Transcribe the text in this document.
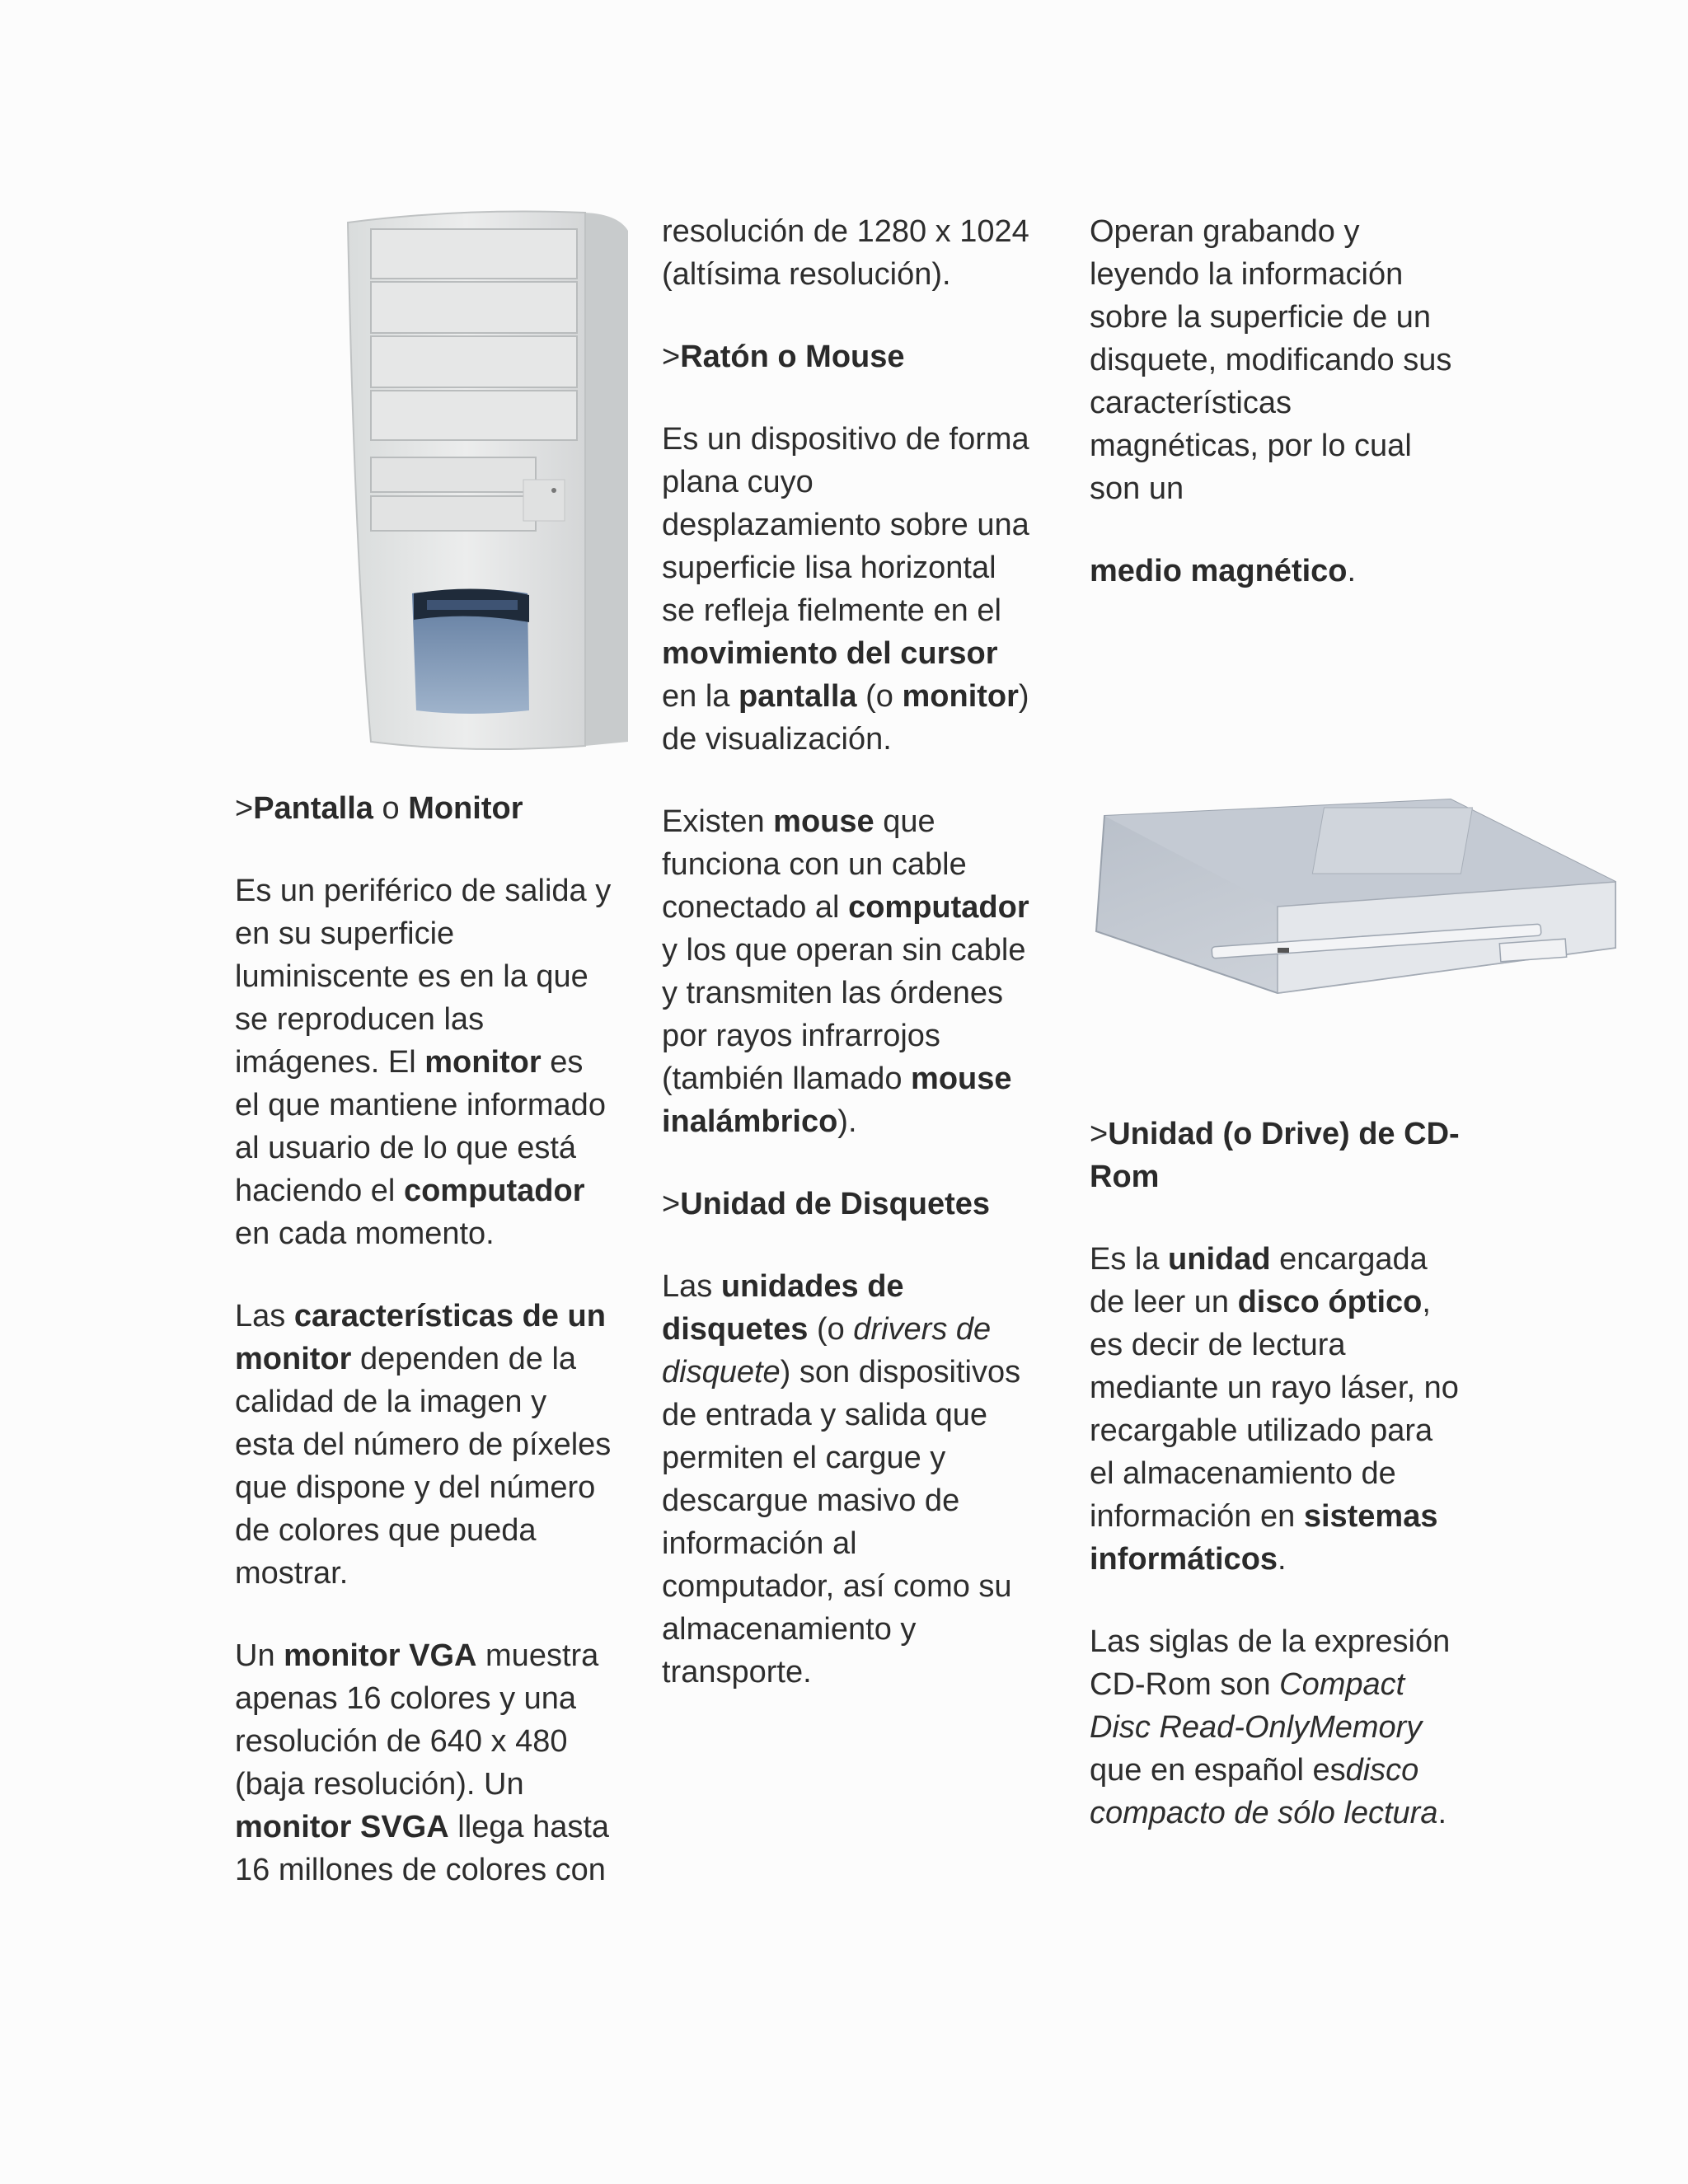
>Pantalla o Monitor

Es un periférico de salida y en su superficie luminiscente es en la que se reproducen las imágenes. El monitor es el que mantiene informado al usuario de lo que está haciendo el computador en cada momento.

Las características de un monitor dependen de la calidad de la imagen y esta del número de píxeles que dispone y del número de colores que pueda mostrar.

Un monitor VGA muestra apenas 16 colores y una resolución de 640 x 480 (baja resolución). Un monitor SVGA llega hasta 16 millones de colores con

resolución de 1280 x 1024 (altísima resolución).

>Ratón o Mouse

Es un dispositivo de forma plana cuyo desplazamiento sobre una superficie lisa horizontal se refleja fielmente en el movimiento del cursor en la pantalla (o monitor) de visualización.

Existen mouse que funciona con un cable conectado al computador y los que operan sin cable y transmiten las órdenes por rayos infrarrojos (también llamado mouse inalámbrico).

>Unidad de Disquetes

Las unidades de disquetes (o drivers de disquete) son dispositivos de entrada y salida que permiten el cargue y descargue masivo de información al computador, así como su almacenamiento y transporte.

Operan grabando y leyendo la información sobre la superficie de un disquete, modificando sus características magnéticas, por lo cual son un

medio magnético.

>Unidad (o Drive) de CD-Rom

Es la unidad encargada de leer un disco óptico, es decir de lectura mediante un rayo láser, no recargable utilizado para el almacenamiento de información en sistemas informáticos.

Las siglas de la expresión CD-Rom son Compact Disc Read-OnlyMemory que en español esdisco compacto de sólo lectura.
